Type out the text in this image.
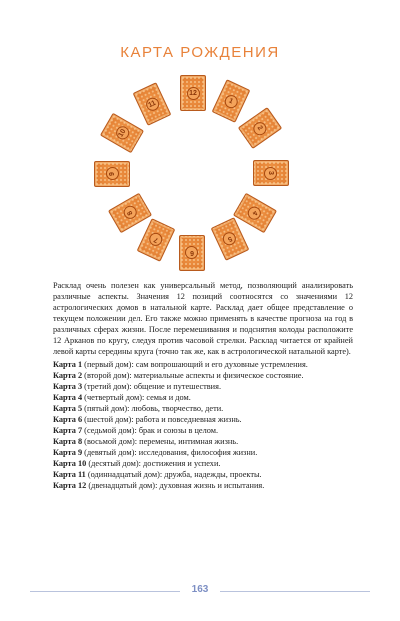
КАРТА РОЖДЕНИЯ
12
1
2
3
4
5
6
7
8
9
10
11

Расклад очень полезен как универсальный метод, позволяющий анализировать различные аспекты. Значения 12 позиций соотносятся со значениями 12 астрологических домов в натальной карте. Расклад дает общее представление о текущем положении дел. Его также можно применять в качестве прогноза на год в различных сферах жизни. После перемешивания и подснятия колоды расположите 12 Арканов по кругу, следуя против часовой стрелки. Расклад читается от крайней левой карты середины круга (точно так же, как в астрологической натальной карте).

Карта 1 (первый дом): сам вопрошающий и его духовные устремления.
Карта 2 (второй дом): материальные аспекты и физическое состояние.
Карта 3 (третий дом): общение и путешествия.
Карта 4 (четвертый дом): семья и дом.
Карта 5 (пятый дом): любовь, творчество, дети.
Карта 6 (шестой дом): работа и повседневная жизнь.
Карта 7 (седьмой дом): брак и союзы в целом.
Карта 8 (восьмой дом): перемены, интимная жизнь.
Карта 9 (девятый дом): исследования, философия жизни.
Карта 10 (десятый дом): достижения и успехи.
Карта 11 (одиннадцатый дом): дружба, надежды, проекты.
Карта 12 (двенадцатый дом): духовная жизнь и испытания.
163
